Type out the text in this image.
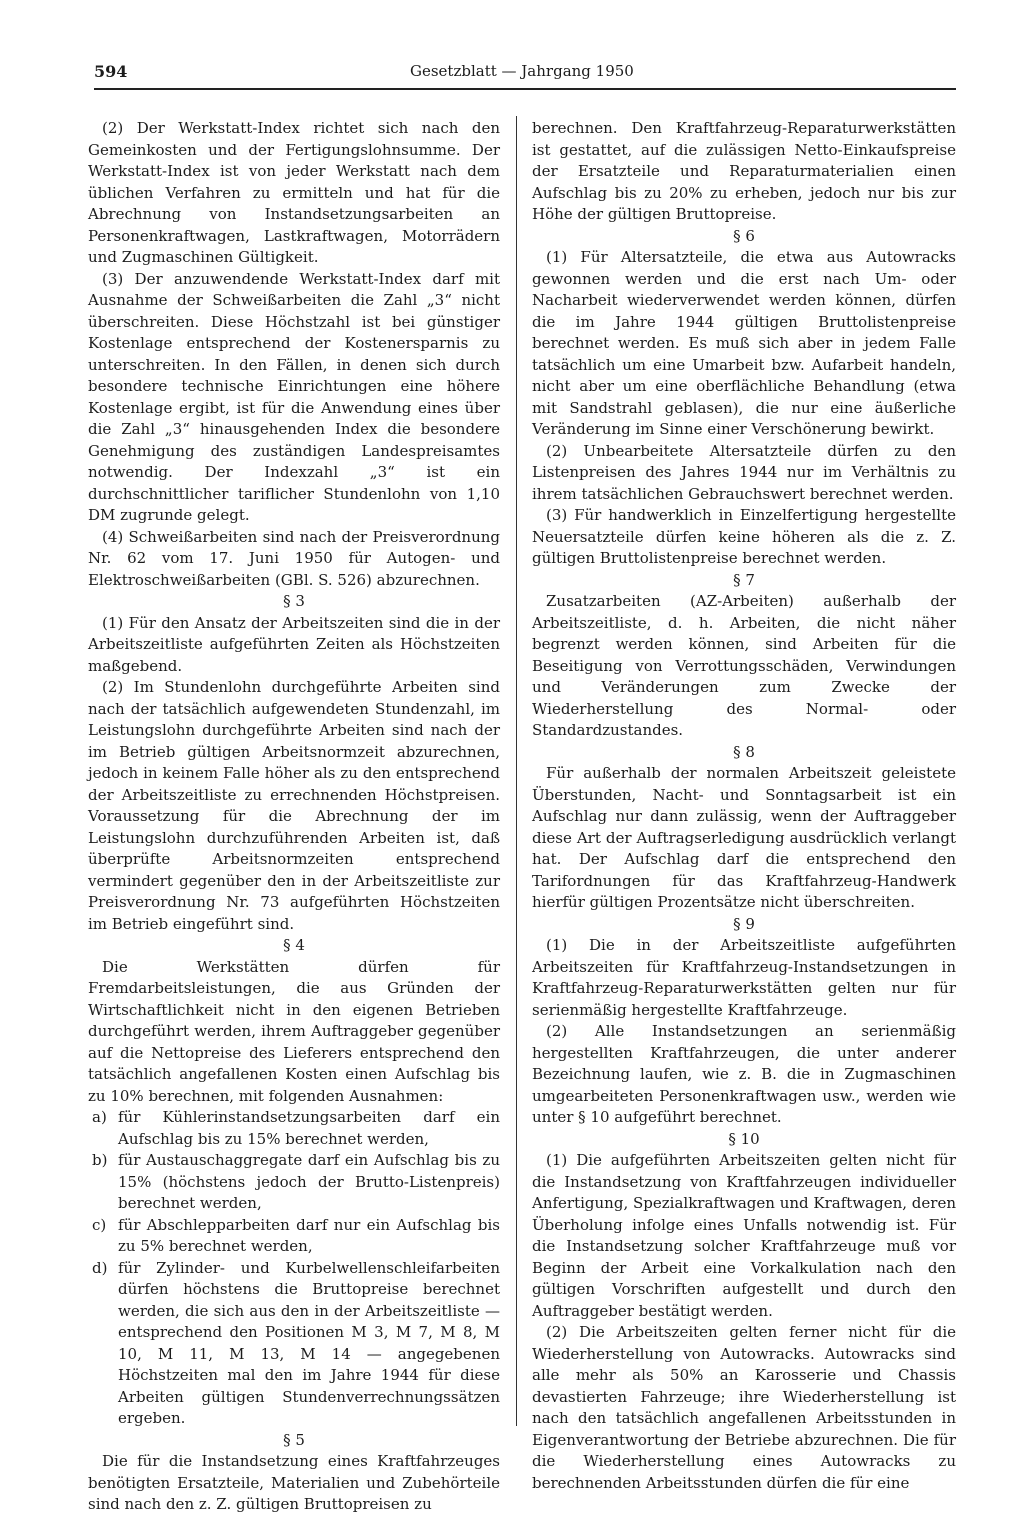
594	Gesetzblatt — Jahrgang 1950

(2) Der Werkstatt-Index richtet sich nach den Gemeinkosten und der Fertigungslohnsumme. Der Werkstatt-Index ist von jeder Werkstatt nach dem üblichen Verfahren zu ermitteln und hat für die Abrechnung von Instandsetzungsarbeiten an Personenkraftwagen, Lastkraftwagen, Motorrädern und Zugmaschinen Gültigkeit.

(3) Der anzuwendende Werkstatt-Index darf mit Ausnahme der Schweißarbeiten die Zahl „3“ nicht überschreiten. Diese Höchstzahl ist bei günstiger Kostenlage entsprechend der Kostenersparnis zu unterschreiten. In den Fällen, in denen sich durch besondere technische Einrichtungen eine höhere Kostenlage ergibt, ist für die Anwendung eines über die Zahl „3“ hinausgehenden Index die besondere Genehmigung des zuständigen Landespreisamtes notwendig. Der Indexzahl „3“ ist ein durchschnittlicher tariflicher Stundenlohn von 1,10 DM zugrunde gelegt.

(4) Schweißarbeiten sind nach der Preisverordnung Nr. 62 vom 17. Juni 1950 für Autogen- und Elektroschweißarbeiten (GBl. S. 526) abzurechnen.

§ 3

(1) Für den Ansatz der Arbeitszeiten sind die in der Arbeitszeitliste aufgeführten Zeiten als Höchstzeiten maßgebend.

(2) Im Stundenlohn durchgeführte Arbeiten sind nach der tatsächlich aufgewendeten Stundenzahl, im Leistungslohn durchgeführte Arbeiten sind nach der im Betrieb gültigen Arbeitsnormzeit abzurechnen, jedoch in keinem Falle höher als zu den entsprechend der Arbeitszeitliste zu errechnenden Höchstpreisen. Voraussetzung für die Abrechnung der im Leistungslohn durchzuführenden Arbeiten ist, daß überprüfte Arbeitsnormzeiten entsprechend vermindert gegenüber den in der Arbeitszeitliste zur Preisverordnung Nr. 73 aufgeführten Höchstzeiten im Betrieb eingeführt sind.

§ 4

Die Werkstätten dürfen für Fremdarbeitsleistungen, die aus Gründen der Wirtschaftlichkeit nicht in den eigenen Betrieben durchgeführt werden, ihrem Auftraggeber gegenüber auf die Nettopreise des Lieferers entsprechend den tatsächlich angefallenen Kosten einen Aufschlag bis zu 10% berechnen, mit folgenden Ausnahmen:

a) für Kühlerinstandsetzungsarbeiten darf ein Aufschlag bis zu 15% berechnet werden,
b) für Austauschaggregate darf ein Aufschlag bis zu 15% (höchstens jedoch der Brutto-Listenpreis) berechnet werden,
c) für Abschlepparbeiten darf nur ein Aufschlag bis zu 5% berechnet werden,
d) für Zylinder- und Kurbelwellenschleifarbeiten dürfen höchstens die Bruttopreise berechnet werden, die sich aus den in der Arbeitszeitliste — entsprechend den Positionen M 3, M 7, M 8, M 10, M 11, M 13, M 14 — angegebenen Höchstzeiten mal den im Jahre 1944 für diese Arbeiten gültigen Stundenverrechnungssätzen ergeben.

§ 5

Die für die Instandsetzung eines Kraftfahrzeuges benötigten Ersatzteile, Materialien und Zubehörteile sind nach den z. Z. gültigen Bruttopreisen zu

berechnen. Den Kraftfahrzeug-Reparaturwerkstätten ist gestattet, auf die zulässigen Netto-Einkaufspreise der Ersatzteile und Reparaturmaterialien einen Aufschlag bis zu 20% zu erheben, jedoch nur bis zur Höhe der gültigen Bruttopreise.

§ 6

(1) Für Altersatzteile, die etwa aus Autowracks gewonnen werden und die erst nach Um- oder Nacharbeit wiederverwendet werden können, dürfen die im Jahre 1944 gültigen Bruttolistenpreise berechnet werden. Es muß sich aber in jedem Falle tatsächlich um eine Umarbeit bzw. Aufarbeit handeln, nicht aber um eine oberflächliche Behandlung (etwa mit Sandstrahl geblasen), die nur eine äußerliche Veränderung im Sinne einer Verschönerung bewirkt.

(2) Unbearbeitete Altersatzteile dürfen zu den Listenpreisen des Jahres 1944 nur im Verhältnis zu ihrem tatsächlichen Gebrauchswert berechnet werden.

(3) Für handwerklich in Einzelfertigung hergestellte Neuersatzteile dürfen keine höheren als die z. Z. gültigen Bruttolistenpreise berechnet werden.

§ 7

Zusatzarbeiten (AZ-Arbeiten) außerhalb der Arbeitszeitliste, d. h. Arbeiten, die nicht näher begrenzt werden können, sind Arbeiten für die Beseitigung von Verrottungsschäden, Verwindungen und Veränderungen zum Zwecke der Wiederherstellung des Normal- oder Standardzustandes.

§ 8

Für außerhalb der normalen Arbeitszeit geleistete Überstunden, Nacht- und Sonntagsarbeit ist ein Aufschlag nur dann zulässig, wenn der Auftraggeber diese Art der Auftragserledigung ausdrücklich verlangt hat. Der Aufschlag darf die entsprechend den Tarifordnungen für das Kraftfahrzeug-Handwerk hierfür gültigen Prozentsätze nicht überschreiten.

§ 9

(1) Die in der Arbeitszeitliste aufgeführten Arbeitszeiten für Kraftfahrzeug-Instandsetzungen in Kraftfahrzeug-Reparaturwerkstätten gelten nur für serienmäßig hergestellte Kraftfahrzeuge.

(2) Alle Instandsetzungen an serienmäßig hergestellten Kraftfahrzeugen, die unter anderer Bezeichnung laufen, wie z. B. die in Zugmaschinen umgearbeiteten Personenkraftwagen usw., werden wie unter § 10 aufgeführt berechnet.

§ 10

(1) Die aufgeführten Arbeitszeiten gelten nicht für die Instandsetzung von Kraftfahrzeugen individueller Anfertigung, Spezialkraftwagen und Kraftwagen, deren Überholung infolge eines Unfalls notwendig ist. Für die Instandsetzung solcher Kraftfahrzeuge muß vor Beginn der Arbeit eine Vorkalkulation nach den gültigen Vorschriften aufgestellt und durch den Auftraggeber bestätigt werden.

(2) Die Arbeitszeiten gelten ferner nicht für die Wiederherstellung von Autowracks. Autowracks sind alle mehr als 50% an Karosserie und Chassis devastierten Fahrzeuge; ihre Wiederherstellung ist nach den tatsächlich angefallenen Arbeitsstunden in Eigenverantwortung der Betriebe abzurechnen. Die für die Wiederherstellung eines Autowracks zu berechnenden Arbeitsstunden dürfen die für eine
